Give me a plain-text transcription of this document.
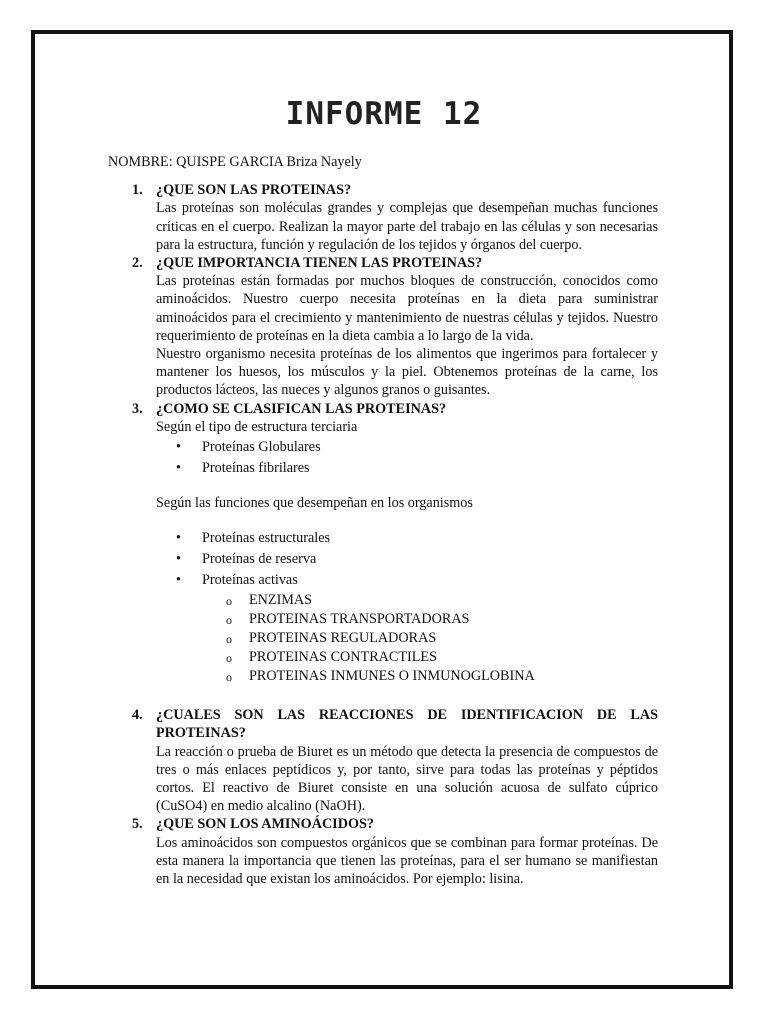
INFORME 12
NOMBRE: QUISPE GARCIA Briza Nayely
1. ¿QUE SON LAS PROTEINAS?
Las proteínas son moléculas grandes y complejas que desempeñan muchas funciones críticas en el cuerpo. Realizan la mayor parte del trabajo en las células y son necesarias para la estructura, función y regulación de los tejidos y órganos del cuerpo.
2. ¿QUE IMPORTANCIA TIENEN LAS PROTEINAS?
Las proteínas están formadas por muchos bloques de construcción, conocidos como aminoácidos. Nuestro cuerpo necesita proteínas en la dieta para suministrar aminoácidos para el crecimiento y mantenimiento de nuestras células y tejidos. Nuestro requerimiento de proteínas en la dieta cambia a lo largo de la vida.
Nuestro organismo necesita proteínas de los alimentos que ingerimos para fortalecer y mantener los huesos, los músculos y la piel. Obtenemos proteínas de la carne, los productos lácteos, las nueces y algunos granos o guisantes.
3. ¿COMO SE CLASIFICAN LAS PROTEINAS?
Según el tipo de estructura terciaria
• Proteínas Globulares
• Proteínas fibrilares
Según las funciones que desempeñan en los organismos
• Proteínas estructurales
• Proteínas de reserva
• Proteínas activas
o ENZIMAS
o PROTEINAS TRANSPORTADORAS
o PROTEINAS REGULADORAS
o PROTEINAS CONTRACTILES
o PROTEINAS INMUNES O INMUNOGLOBINA
4. ¿CUALES SON LAS REACCIONES DE IDENTIFICACION DE LAS PROTEINAS?
La reacción o prueba de Biuret es un método que detecta la presencia de compuestos de tres o más enlaces peptídicos y, por tanto, sirve para todas las proteínas y péptidos cortos. El reactivo de Biuret consiste en una solución acuosa de sulfato cúprico (CuSO4) en medio alcalino (NaOH).
5. ¿QUE SON LOS AMINOÁCIDOS?
Los aminoácidos son compuestos orgánicos que se combinan para formar proteínas. De esta manera la importancia que tienen las proteínas, para el ser humano se manifiestan en la necesidad que existan los aminoácidos. Por ejemplo: lisina.
